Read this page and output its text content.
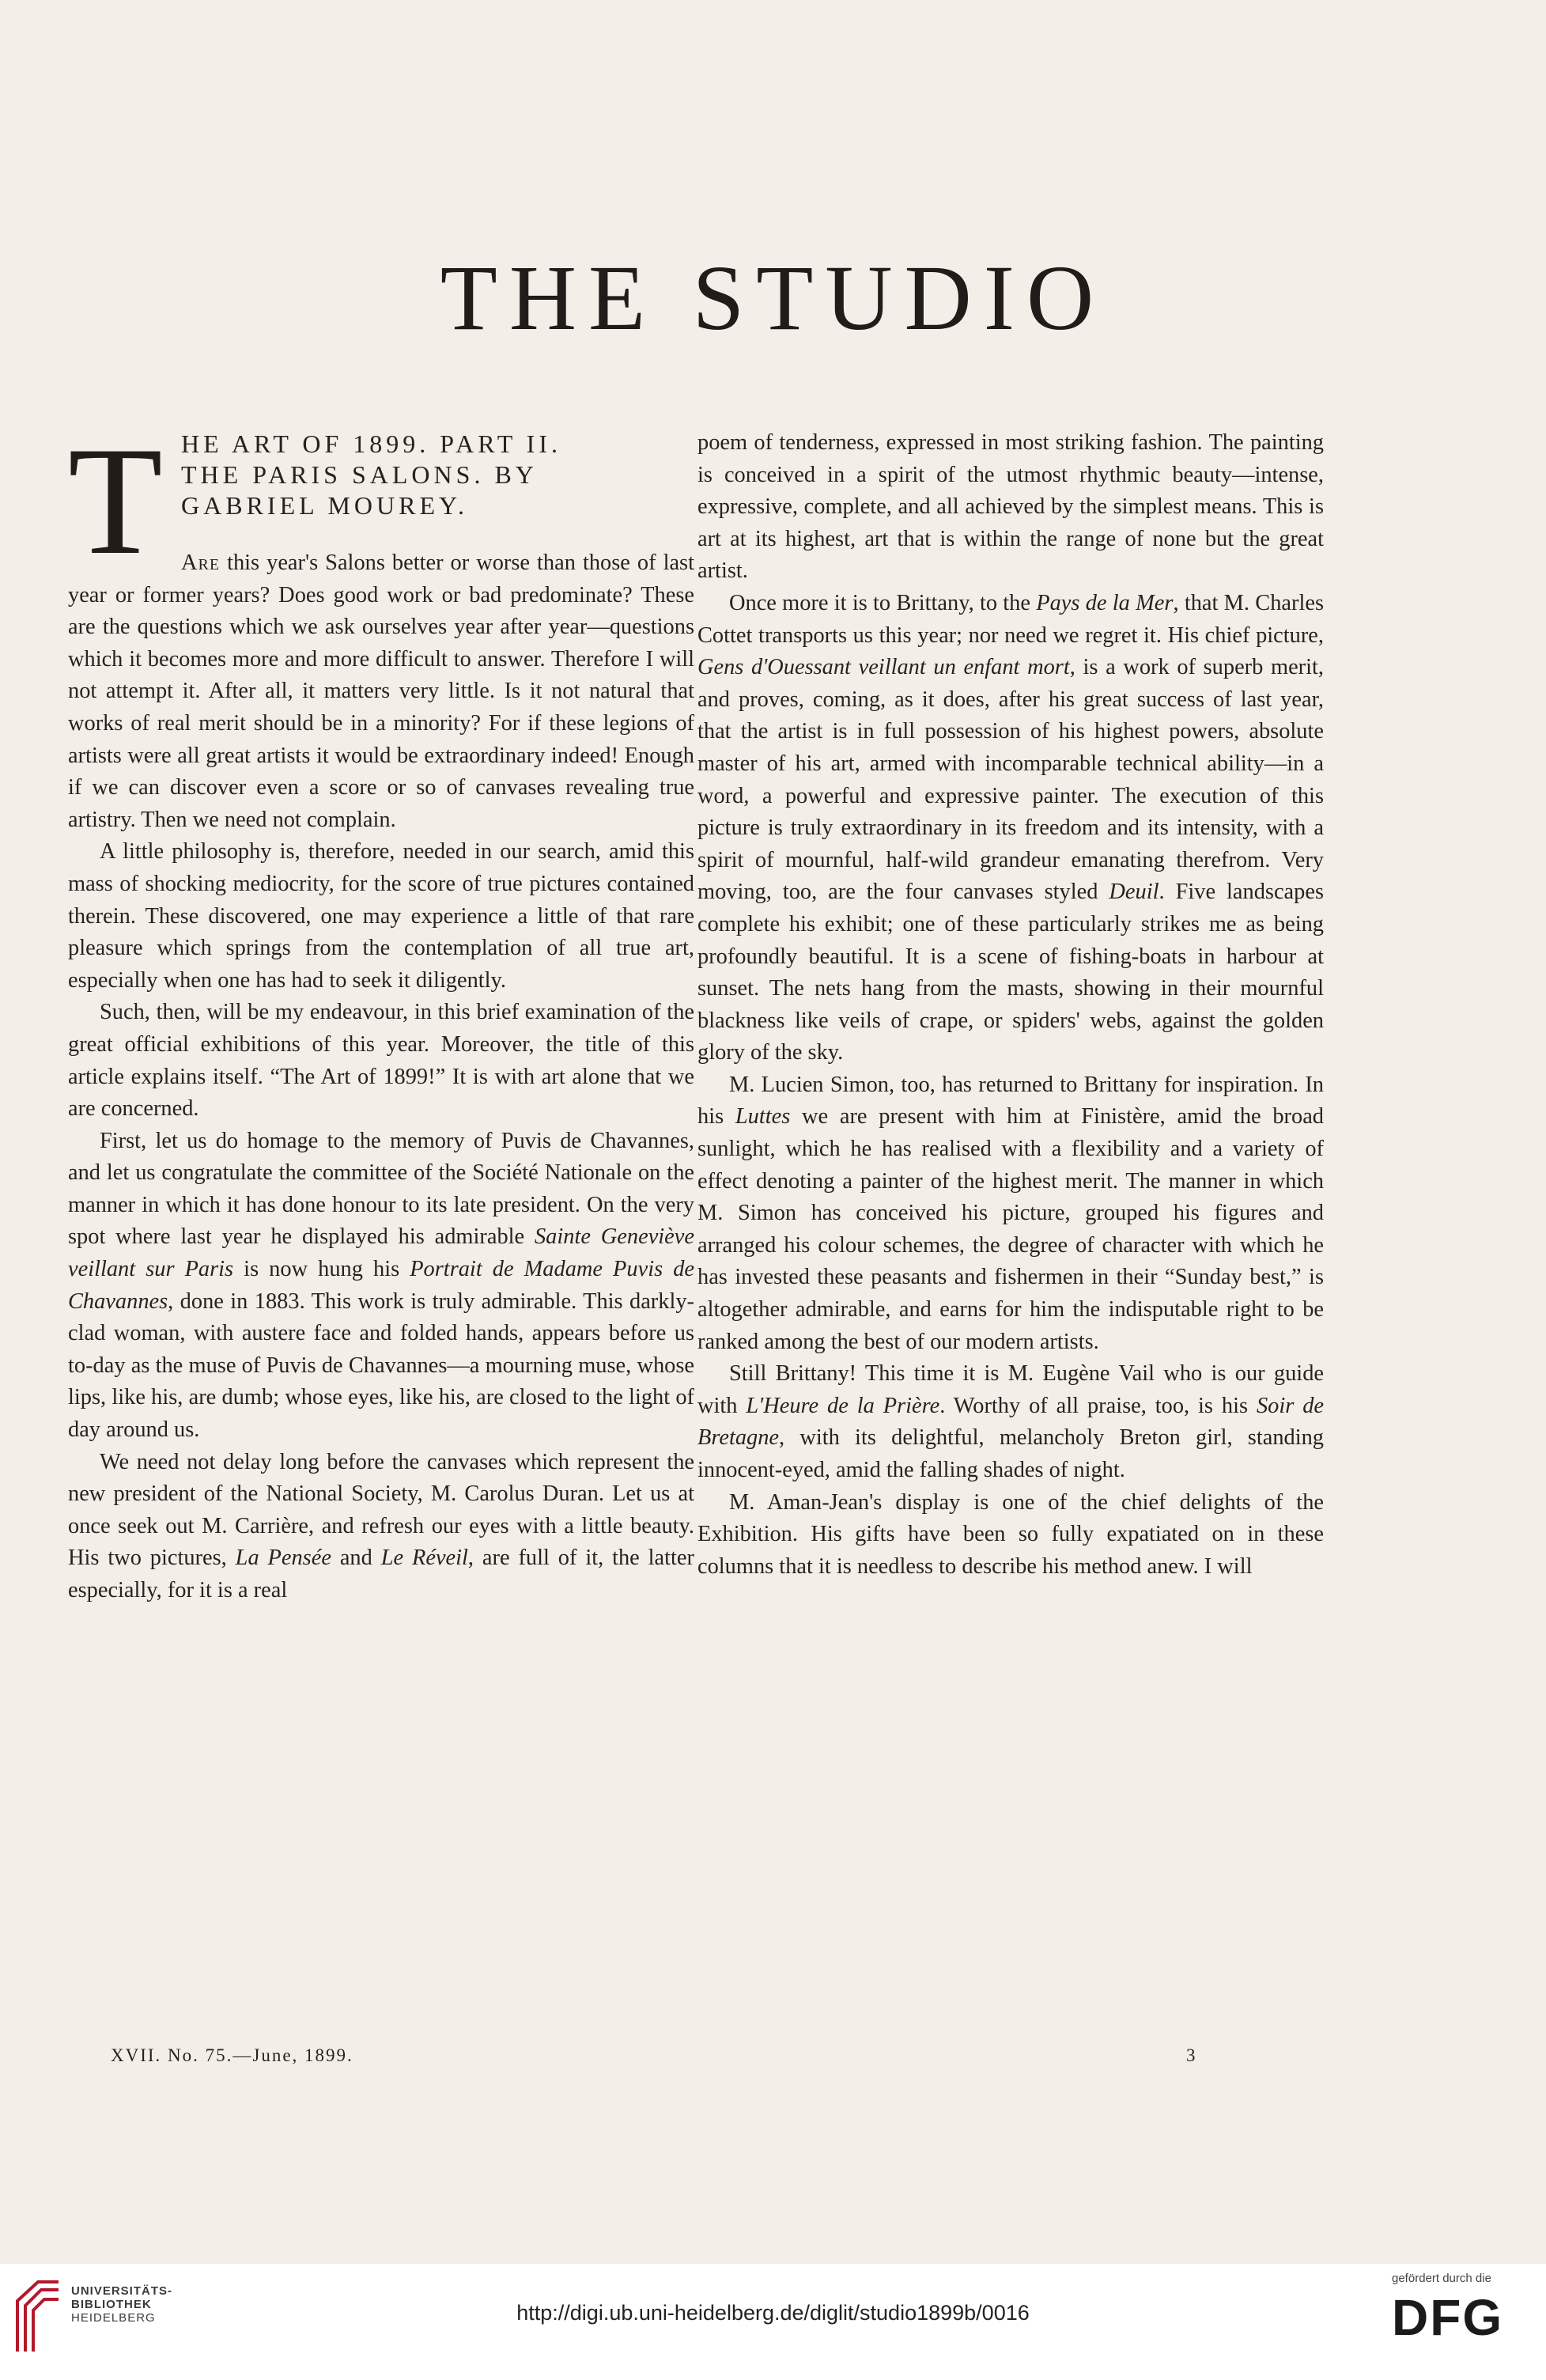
THE STUDIO
T HE ART OF 1899. PART II.
THE PARIS SALONS. BY
GABRIEL MOUREY.

Are this year's Salons better or worse than those of last year or former years? Does good work or bad predominate? These are the questions which we ask ourselves year after year—questions which it becomes more and more difficult to answer. Therefore I will not attempt it. After all, it matters very little. Is it not natural that works of real merit should be in a minority? For if these legions of artists were all great artists it would be extraordinary indeed! Enough if we can discover even a score or so of canvases revealing true artistry. Then we need not complain.

A little philosophy is, therefore, needed in our search, amid this mass of shocking mediocrity, for the score of true pictures contained therein. These discovered, one may experience a little of that rare pleasure which springs from the contemplation of all true art, especially when one has had to seek it diligently.

Such, then, will be my endeavour, in this brief examination of the great official exhibitions of this year. Moreover, the title of this article explains itself. “The Art of 1899!” It is with art alone that we are concerned.

First, let us do homage to the memory of Puvis de Chavannes, and let us congratulate the committee of the Société Nationale on the manner in which it has done honour to its late president. On the very spot where last year he displayed his admirable Sainte Geneviève veillant sur Paris is now hung his Portrait de Madame Puvis de Chavannes, done in 1883. This work is truly admirable. This darkly-clad woman, with austere face and folded hands, appears before us to-day as the muse of Puvis de Chavannes—a mourning muse, whose lips, like his, are dumb; whose eyes, like his, are closed to the light of day around us.

We need not delay long before the canvases which represent the new president of the National Society, M. Carolus Duran. Let us at once seek out M. Carrière, and refresh our eyes with a little beauty. His two pictures, La Pensée and Le Réveil, are full of it, the latter especially, for it is a real

poem of tenderness, expressed in most striking fashion. The painting is conceived in a spirit of the utmost rhythmic beauty—intense, expressive, complete, and all achieved by the simplest means. This is art at its highest, art that is within the range of none but the great artist.

Once more it is to Brittany, to the Pays de la Mer, that M. Charles Cottet transports us this year; nor need we regret it. His chief picture, Gens d'Ouessant veillant un enfant mort, is a work of superb merit, and proves, coming, as it does, after his great success of last year, that the artist is in full possession of his highest powers, absolute master of his art, armed with incomparable technical ability—in a word, a powerful and expressive painter. The execution of this picture is truly extraordinary in its freedom and its intensity, with a spirit of mournful, half-wild grandeur emanating therefrom. Very moving, too, are the four canvases styled Deuil. Five landscapes complete his exhibit; one of these particularly strikes me as being profoundly beautiful. It is a scene of fishing-boats in harbour at sunset. The nets hang from the masts, showing in their mournful blackness like veils of crape, or spiders' webs, against the golden glory of the sky.

M. Lucien Simon, too, has returned to Brittany for inspiration. In his Luttes we are present with him at Finistère, amid the broad sunlight, which he has realised with a flexibility and a variety of effect denoting a painter of the highest merit. The manner in which M. Simon has conceived his picture, grouped his figures and arranged his colour schemes, the degree of character with which he has invested these peasants and fishermen in their “Sunday best,” is altogether admirable, and earns for him the indisputable right to be ranked among the best of our modern artists.

Still Brittany! This time it is M. Eugène Vail who is our guide with L'Heure de la Prière. Worthy of all praise, too, is his Soir de Bretagne, with its delightful, melancholy Breton girl, standing innocent-eyed, amid the falling shades of night.

M. Aman-Jean's display is one of the chief delights of the Exhibition. His gifts have been so fully expatiated on in these columns that it is needless to describe his method anew. I will

XVII. No. 75.—June, 1899.	3
UNIVERSITÄTS-
BIBLIOTHEK
HEIDELBERG	http://digi.ub.uni-heidelberg.de/diglit/studio1899b/0016
gefördert durch die
DFG
